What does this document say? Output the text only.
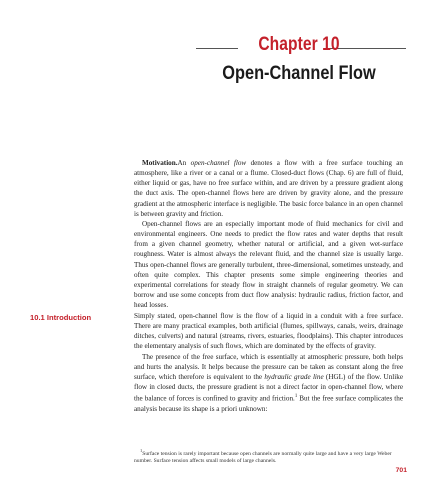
Chapter 10
Open-Channel Flow

Motivation.An open-channel flow denotes a flow with a free surface touching an atmosphere, like a river or a canal or a flume. Closed-duct flows (Chap. 6) are full of fluid, either liquid or gas, have no free surface within, and are driven by a pressure gradient along the duct axis. The open-channel flows here are driven by gravity alone, and the pressure gradient at the atmospheric interface is negligible. The basic force balance in an open channel is between gravity and friction.

Open-channel flows are an especially important mode of fluid mechanics for civil and environmental engineers. One needs to predict the flow rates and water depths that result from a given channel geometry, whether natural or artificial, and a given wet-surface roughness. Water is almost always the relevant fluid, and the channel size is usually large. Thus open-channel flows are generally turbulent, three-dimensional, sometimes unsteady, and often quite complex. This chapter presents some simple engineering theories and experimental correlations for steady flow in straight channels of regular geometry. We can borrow and use some concepts from duct flow analysis: hydraulic radius, friction factor, and head losses.

10.1 Introduction	Simply stated, open-channel flow is the flow of a liquid in a conduit with a free surface. There are many practical examples, both artificial (flumes, spillways, canals, weirs, drainage ditches, culverts) and natural (streams, rivers, estuaries, floodplains). This chapter introduces the elementary analysis of such flows, which are dominated by the effects of gravity.

The presence of the free surface, which is essentially at atmospheric pressure, both helps and hurts the analysis. It helps because the pressure can be taken as constant along the free surface, which therefore is equivalent to the hydraulic grade line (HGL) of the flow. Unlike flow in closed ducts, the pressure gradient is not a direct factor in open-channel flow, where the balance of forces is confined to gravity and friction.$^1$ But the free surface complicates the analysis because its shape is a priori unknown:

$^1$Surface tension is rarely important because open channels are normally quite large and have a very large Weber number. Surface tension affects small models of large channels.
701
